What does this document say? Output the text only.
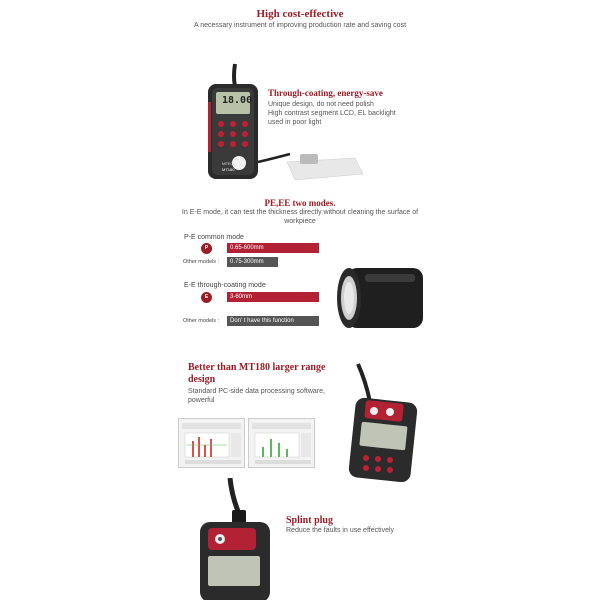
High cost-effective
A necessary instrument of improving production rate and saving cost
18.00
MITECH
MT180
Through-coating, energy-save
Unique design, do not need polish
High contrast segment LCD, EL backlight
used in poor light
PE,EE two modes.
In E-E mode, it can test the thickness directly without cleaning the surface of workpiece
P-E common mode
P	0.65-600mm
Other models :	0.75-300mm
E-E through-coating mode
E	3-60mm
Other models :	Don' t have this function
Better than MT180 larger range design
Standard PC-side data processing software, powerful
Splint plug
Reduce the faults in use effectively
